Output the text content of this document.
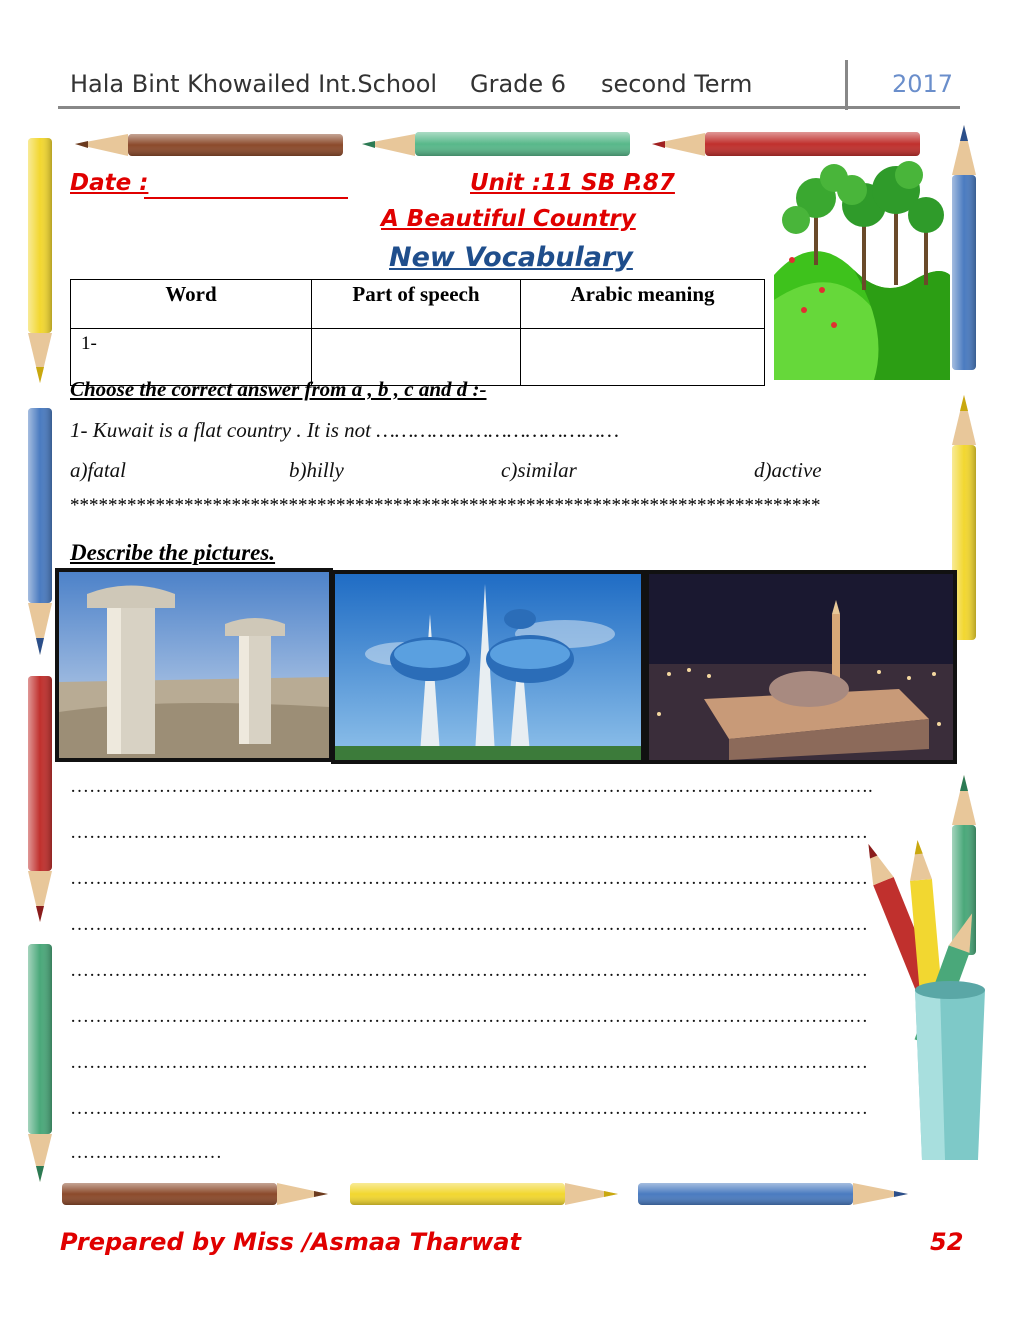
Hala Bint Khowailed Int.School Grade 6 second Term	2017
Date :	Unit :11 SB P.87
A Beautiful Country
New Vocabulary
Word	Part of speech	Arabic meaning
1-		
Choose the correct answer from a , b , c and d :-
1- Kuwait is a flat country . It is not …………………………………
a)fatal	b)hilly	c)similar	d)active
*******************************************************************************
Describe the pictures.
……………………………………………………………………………………………………………….
………………………………………………………………………………………………………………
………………………………………………………………………………………………………………
………………………………………………………………………………………………………………
………………………………………………………………………………………………………………
………………………………………………………………………………………………………………
………………………………………………………………………………………………………………
………………………………………………………………………………………………………………
……………………
Prepared by Miss /Asmaa Tharwat	52
